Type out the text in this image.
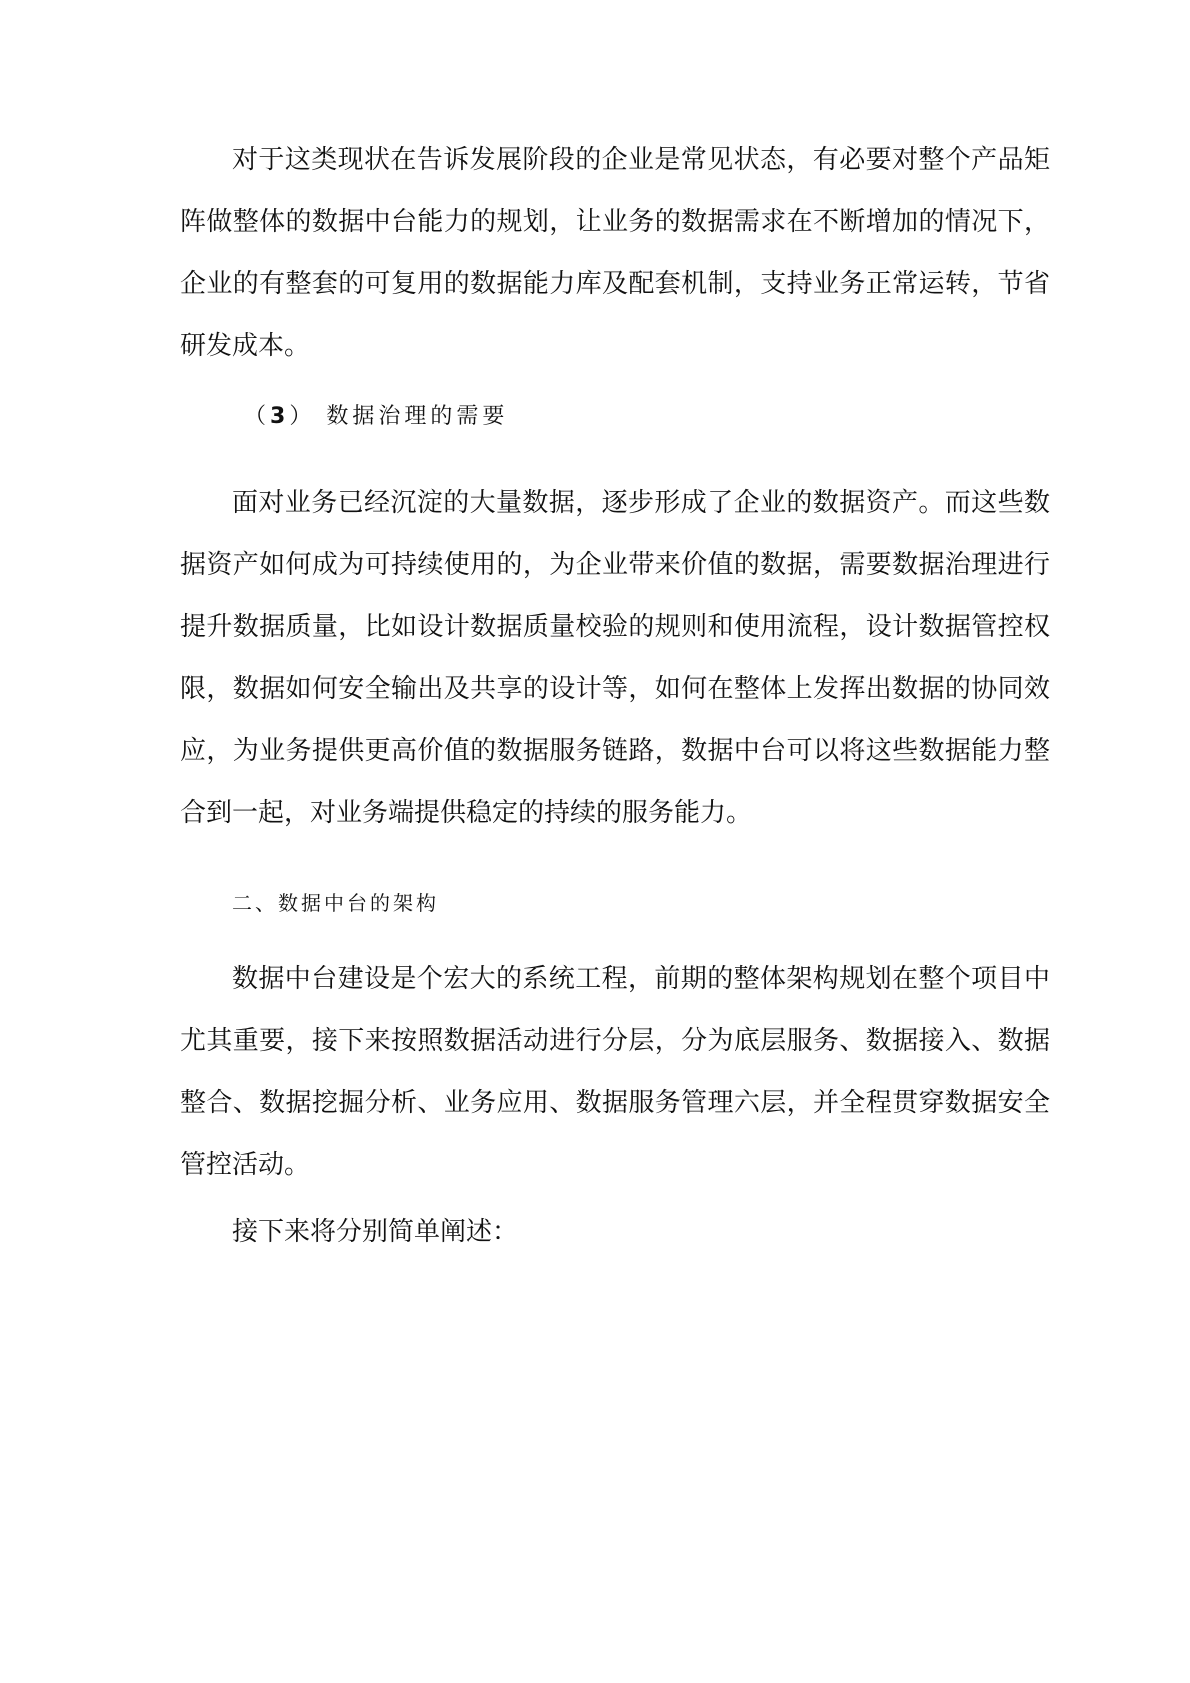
对于这类现状在告诉发展阶段的企业是常见状态，有必要对整个产品矩阵做整体的数据中台能力的规划，让业务的数据需求在不断增加的情况下，企业的有整套的可复用的数据能力库及配套机制，支持业务正常运转，节省研发成本。

（3） 数据治理的需要

面对业务已经沉淀的大量数据，逐步形成了企业的数据资产。而这些数据资产如何成为可持续使用的，为企业带来价值的数据，需要数据治理进行提升数据质量，比如设计数据质量校验的规则和使用流程，设计数据管控权限，数据如何安全输出及共享的设计等，如何在整体上发挥出数据的协同效应，为业务提供更高价值的数据服务链路，数据中台可以将这些数据能力整合到一起，对业务端提供稳定的持续的服务能力。

二、数据中台的架构

数据中台建设是个宏大的系统工程，前期的整体架构规划在整个项目中尤其重要，接下来按照数据活动进行分层，分为底层服务、数据接入、数据整合、数据挖掘分析、业务应用、数据服务管理六层，并全程贯穿数据安全管控活动。

接下来将分别简单阐述：
